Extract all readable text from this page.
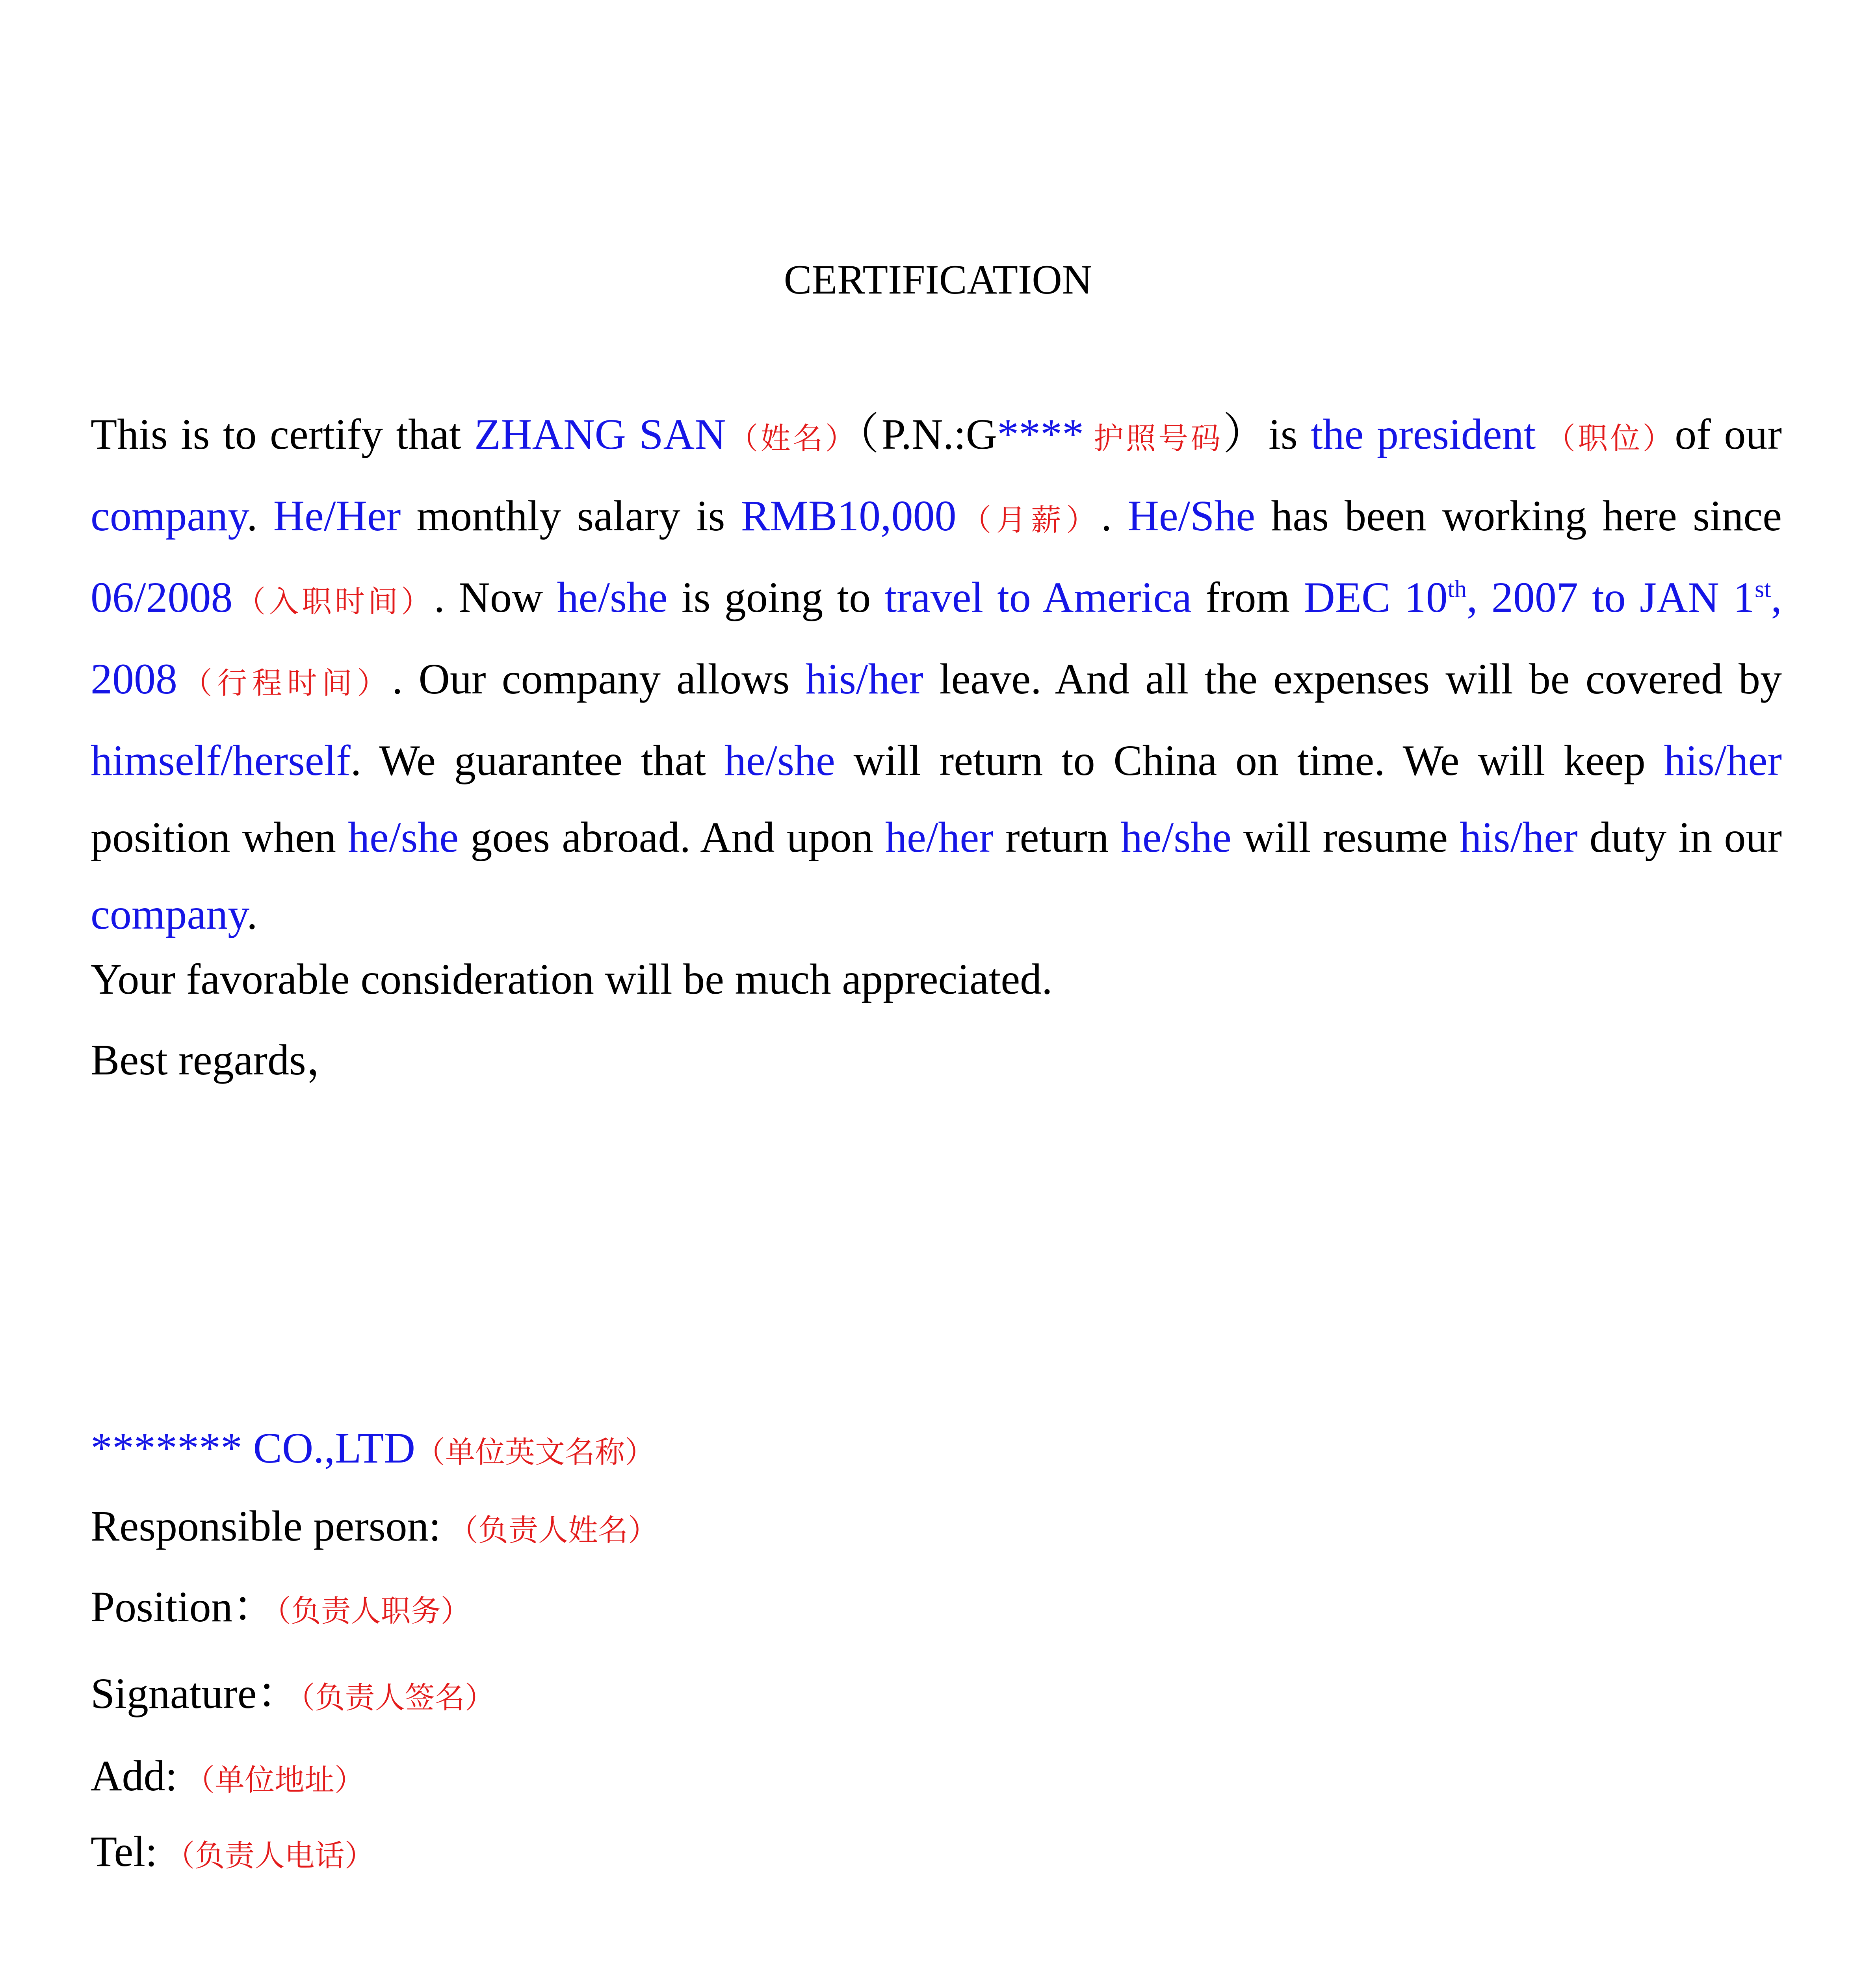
CERTIFICATION
This is to certify that ZHANG SAN（姓名）（P.N.:G**** 护照号码）is the president （职位）of our company. He/Her monthly salary is RMB10,000（月薪）. He/She has been working here since 06/2008（入职时间）. Now he/she is going to travel to America from DEC 10th, 2007 to JAN 1st, 2008（行程时间）. Our company allows his/her leave. And all the expenses will be covered by himself/herself. We guarantee that he/she will return to China on time. We will keep his/her position when he/she goes abroad. And upon he/her return he/she will resume his/her duty in our company.
Your favorable consideration will be much appreciated.
Best regards，
******* CO.,LTD（单位英文名称）
Responsible person: （负责人姓名）
Position：（负责人职务）
Signature：（负责人签名）
Add: （单位地址）
Tel: （负责人电话）
